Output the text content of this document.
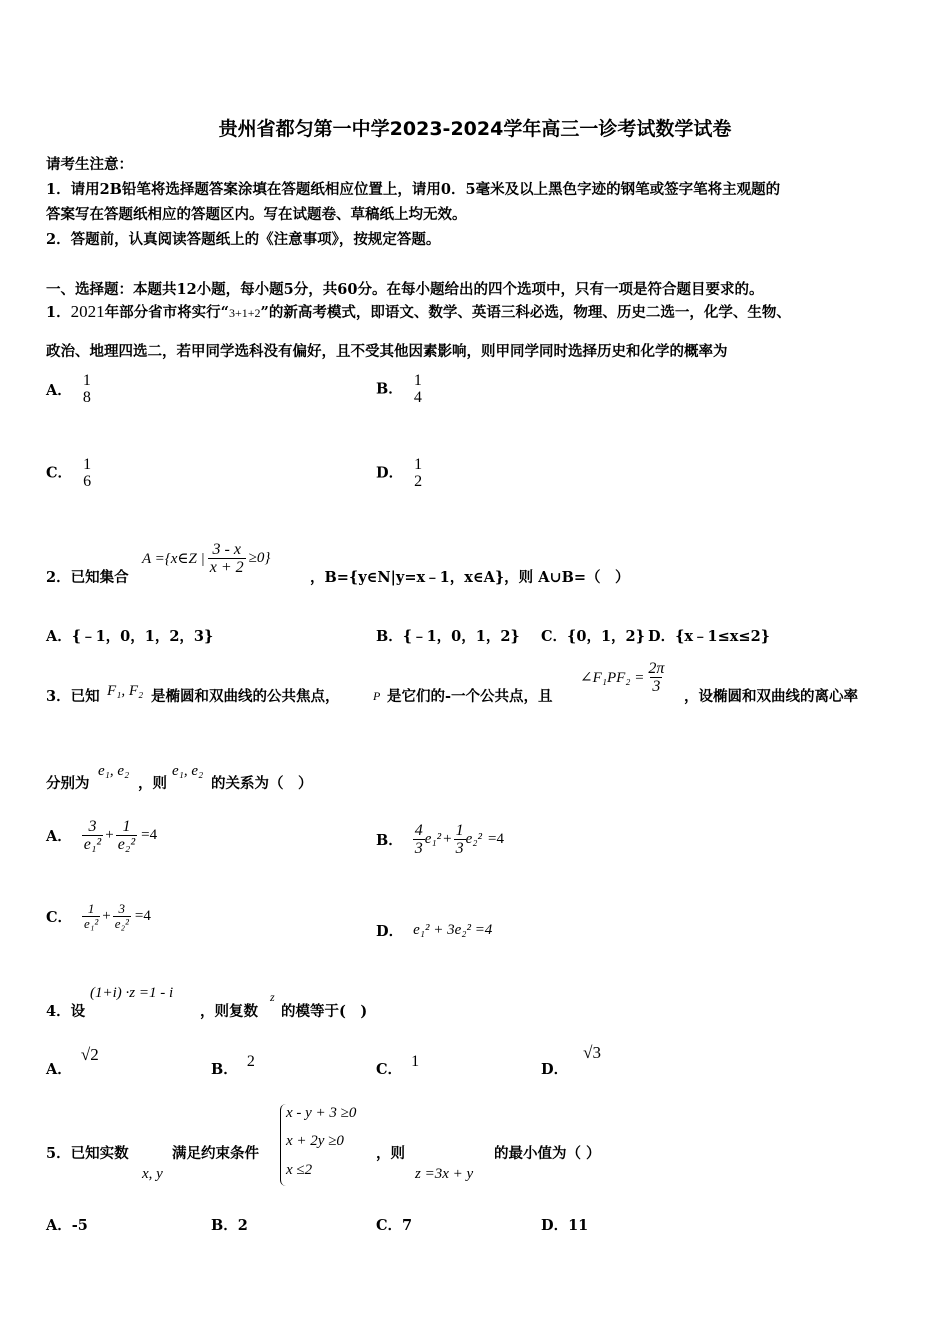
贵州省都匀第一中学2023-2024学年高三一诊考试数学试卷
请考生注意：
1．请用2B铅笔将选择题答案涂填在答题纸相应位置上，请用0．5毫米及以上黑色字迹的钢笔或签字笔将主观题的
答案写在答题纸相应的答题区内。写在试题卷、草稿纸上均无效。
2．答题前，认真阅读答题纸上的《注意事项》，按规定答题。
一、选择题：本题共12小题，每小题5分，共60分。在每小题给出的四个选项中，只有一项是符合题目要求的。
1．2021年部分省市将实行“3+1+2”的新高考模式，即语文、数学、英语三科必选，物理、历史二选一，化学、生物、
政治、地理四选二，若甲同学选科没有偏好，且不受其他因素影响，则甲同学同时选择历史和化学的概率为
A．
1
8	B． 1
4
C． 1
6	D． 1
2
2．已知集合
A ={x∈Z | $\frac{3 - x}{x + 2} \ge 0$}
，B={y∈N|y=x﹣1，x∈A}，则 A∪B=（　）
A．{﹣1，0，1，2，3}	B．{﹣1，0，1，2} C．{0，1，2} D．{x﹣1≤x≤2}
3．已知 F₁, F₂ 是椭圆和双曲线的公共焦点，	P 是它们的-一个公共点，且
∠F₁PF₂ = $\frac{2\pi}{3}$
，设椭圆和双曲线的离心率
分别为
e₁, e₂
，则
e₁, e₂
的关系为（　）
A． $\frac{3}{\text{e₁²}} + \frac{1}{\text{e₂²}} =4$	B． $\frac{4}{3} e_1^2 + \frac{1}{3} e_2^2 =4$
C． $\frac{1}{\text{e₁²}} + \frac{3}{\text{e₂²}} =4$
D． e₁² + 3e₂² =4
4．设
(1+i) ·z =1 - i
，则复数
z
的模等于(　)
A． √2
B． 2	C． 1	D． √3
5．已知实数
x, y
满足约束条件
x - y + 3 ≥0
x + 2y ≥0
x ≤2
，则
z =3x + y
的最小值为（ ）
A．-5	B．2	C．7	D．11
